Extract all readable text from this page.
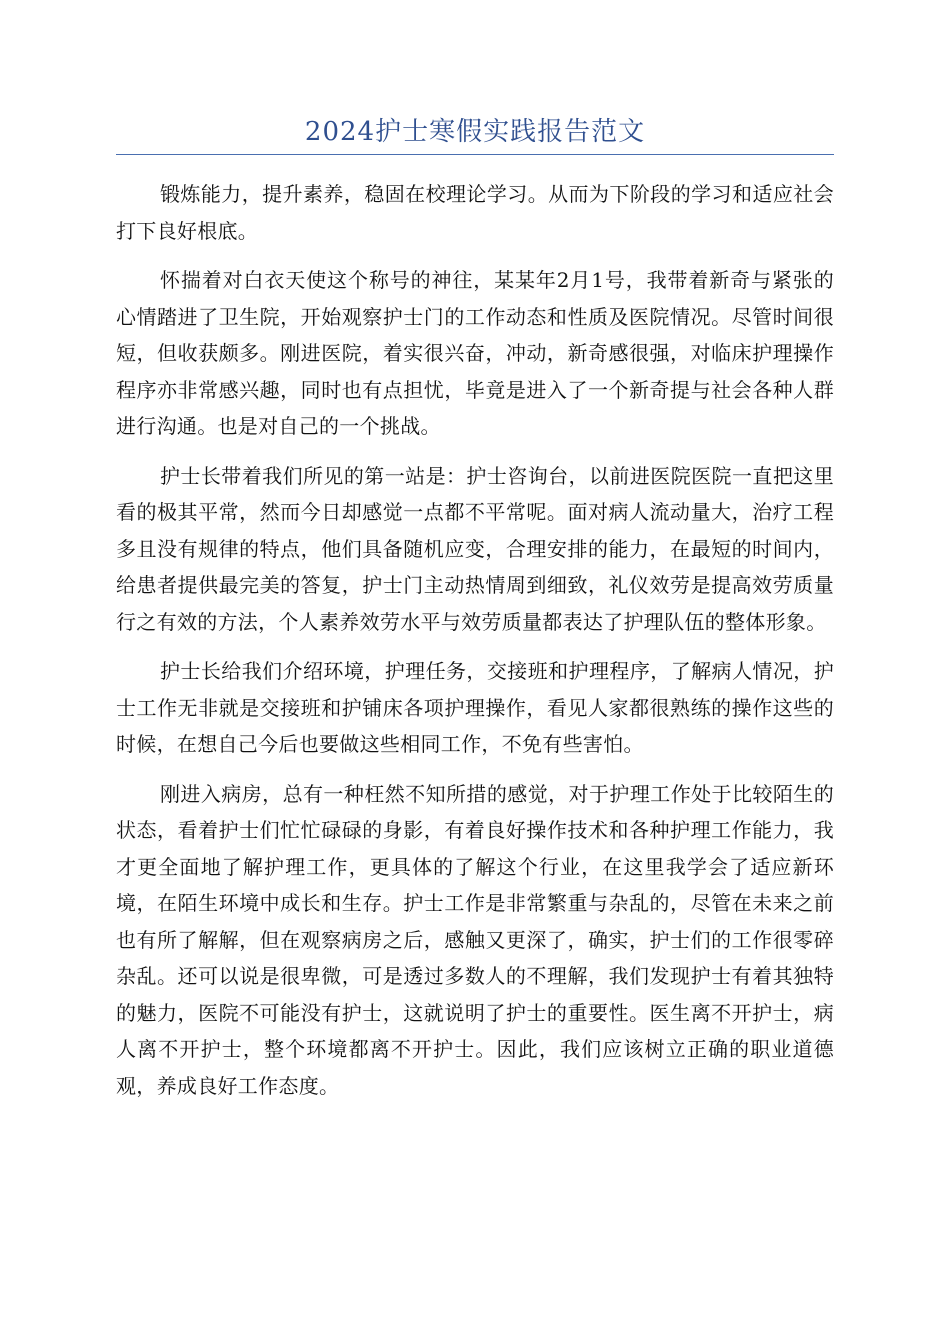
2024护士寒假实践报告范文

锻炼能力，提升素养，稳固在校理论学习。从而为下阶段的学习和适应社会打下良好根底。

怀揣着对白衣天使这个称号的神往，某某年2月1号，我带着新奇与紧张的心情踏进了卫生院，开始观察护士门的工作动态和性质及医院情况。尽管时间很短，但收获颇多。刚进医院，着实很兴奋，冲动，新奇感很强，对临床护理操作程序亦非常感兴趣，同时也有点担忧，毕竟是进入了一个新奇提与社会各种人群进行沟通。也是对自己的一个挑战。

护士长带着我们所见的第一站是：护士咨询台，以前进医院医院一直把这里看的极其平常，然而今日却感觉一点都不平常呢。面对病人流动量大，治疗工程多且没有规律的特点，他们具备随机应变，合理安排的能力，在最短的时间内，给患者提供最完美的答复，护士门主动热情周到细致，礼仪效劳是提高效劳质量行之有效的方法，个人素养效劳水平与效劳质量都表达了护理队伍的整体形象。

护士长给我们介绍环境，护理任务，交接班和护理程序，了解病人情况，护士工作无非就是交接班和护铺床各项护理操作，看见人家都很熟练的操作这些的时候，在想自己今后也要做这些相同工作，不免有些害怕。

刚进入病房，总有一种枉然不知所措的感觉，对于护理工作处于比较陌生的状态，看着护士们忙忙碌碌的身影，有着良好操作技术和各种护理工作能力，我才更全面地了解护理工作，更具体的了解这个行业，在这里我学会了适应新环境，在陌生环境中成长和生存。护士工作是非常繁重与杂乱的，尽管在未来之前也有所了解解，但在观察病房之后，感触又更深了，确实，护士们的工作很零碎杂乱。还可以说是很卑微，可是透过多数人的不理解，我们发现护士有着其独特的魅力，医院不可能没有护士，这就说明了护士的重要性。医生离不开护士，病人离不开护士，整个环境都离不开护士。因此，我们应该树立正确的职业道德观，养成良好工作态度。
